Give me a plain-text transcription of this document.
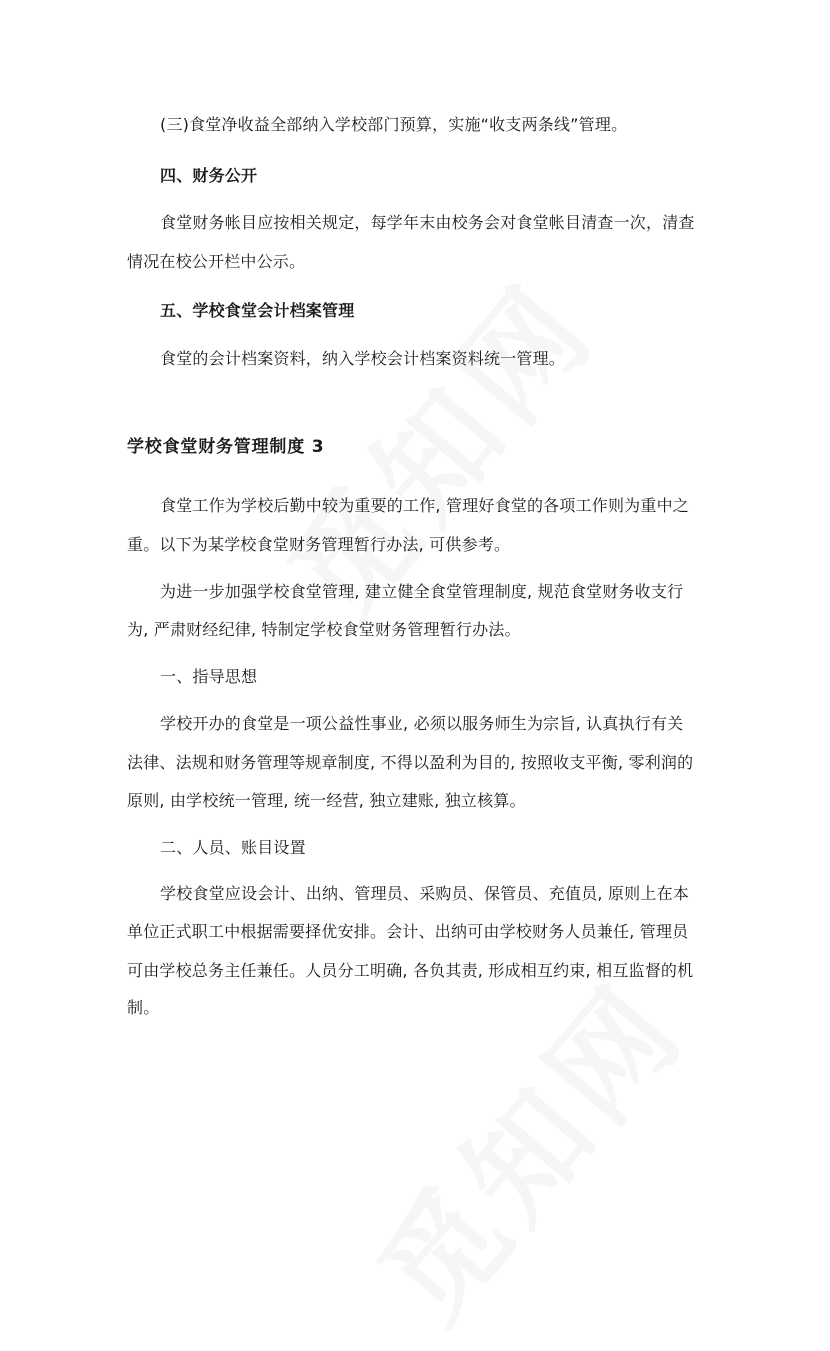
(三)食堂净收益全部纳入学校部门预算，实施“收支两条线”管理。
四、财务公开
食堂财务帐目应按相关规定，每学年末由校务会对食堂帐目清查一次，清查
情况在校公开栏中公示。
五、学校食堂会计档案管理
食堂的会计档案资料，纳入学校会计档案资料统一管理。
学校食堂财务管理制度 3
食堂工作为学校后勤中较为重要的工作, 管理好食堂的各项工作则为重中之
重。以下为某学校食堂财务管理暂行办法, 可供参考。
为进一步加强学校食堂管理, 建立健全食堂管理制度, 规范食堂财务收支行
为, 严肃财经纪律, 特制定学校食堂财务管理暂行办法。
一、指导思想
学校开办的食堂是一项公益性事业, 必须以服务师生为宗旨, 认真执行有关
法律、法规和财务管理等规章制度, 不得以盈利为目的, 按照收支平衡, 零利润的
原则, 由学校统一管理, 统一经营, 独立建账, 独立核算。
二、人员、账目设置
学校食堂应设会计、出纳、管理员、采购员、保管员、充值员, 原则上在本
单位正式职工中根据需要择优安排。会计、出纳可由学校财务人员兼任, 管理员
可由学校总务主任兼任。人员分工明确, 各负其责, 形成相互约束, 相互监督的机
制。
